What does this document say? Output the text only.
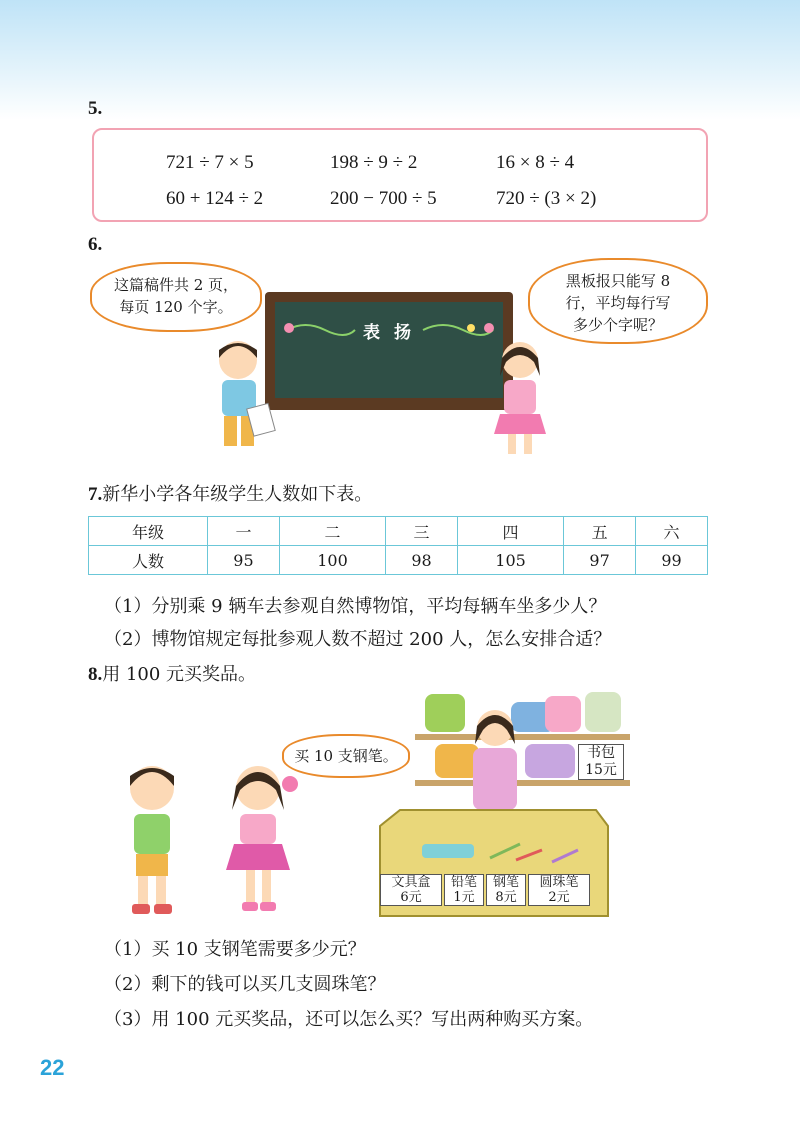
5.
721 ÷ 7 × 5	198 ÷ 9 ÷ 2	16 × 8 ÷ 4
60 + 124 ÷ 2	200 − 700 ÷ 5	720 ÷ (3 × 2)
6.
这篇稿件共 2 页，
每页 120 个字。
黑板报只能写 8
行，平均每行写
多少个字呢？
表 扬
7.新华小学各年级学生人数如下表。
年级	一	二	三	四	五	六
人数	95	100	98	105	97	99
（1）分别乘 9 辆车去参观自然博物馆，平均每辆车坐多少人？
（2）博物馆规定每批参观人数不超过 200 人，怎么安排合适？
8.用 100 元买奖品。
买 10 支钢笔。	书包
15元
文具盒
6元
铅笔
1元
钢笔
8元
圆珠笔
2元
（1）买 10 支钢笔需要多少元？
（2）剩下的钱可以买几支圆珠笔？
（3）用 100 元买奖品，还可以怎么买？写出两种购买方案。
22
